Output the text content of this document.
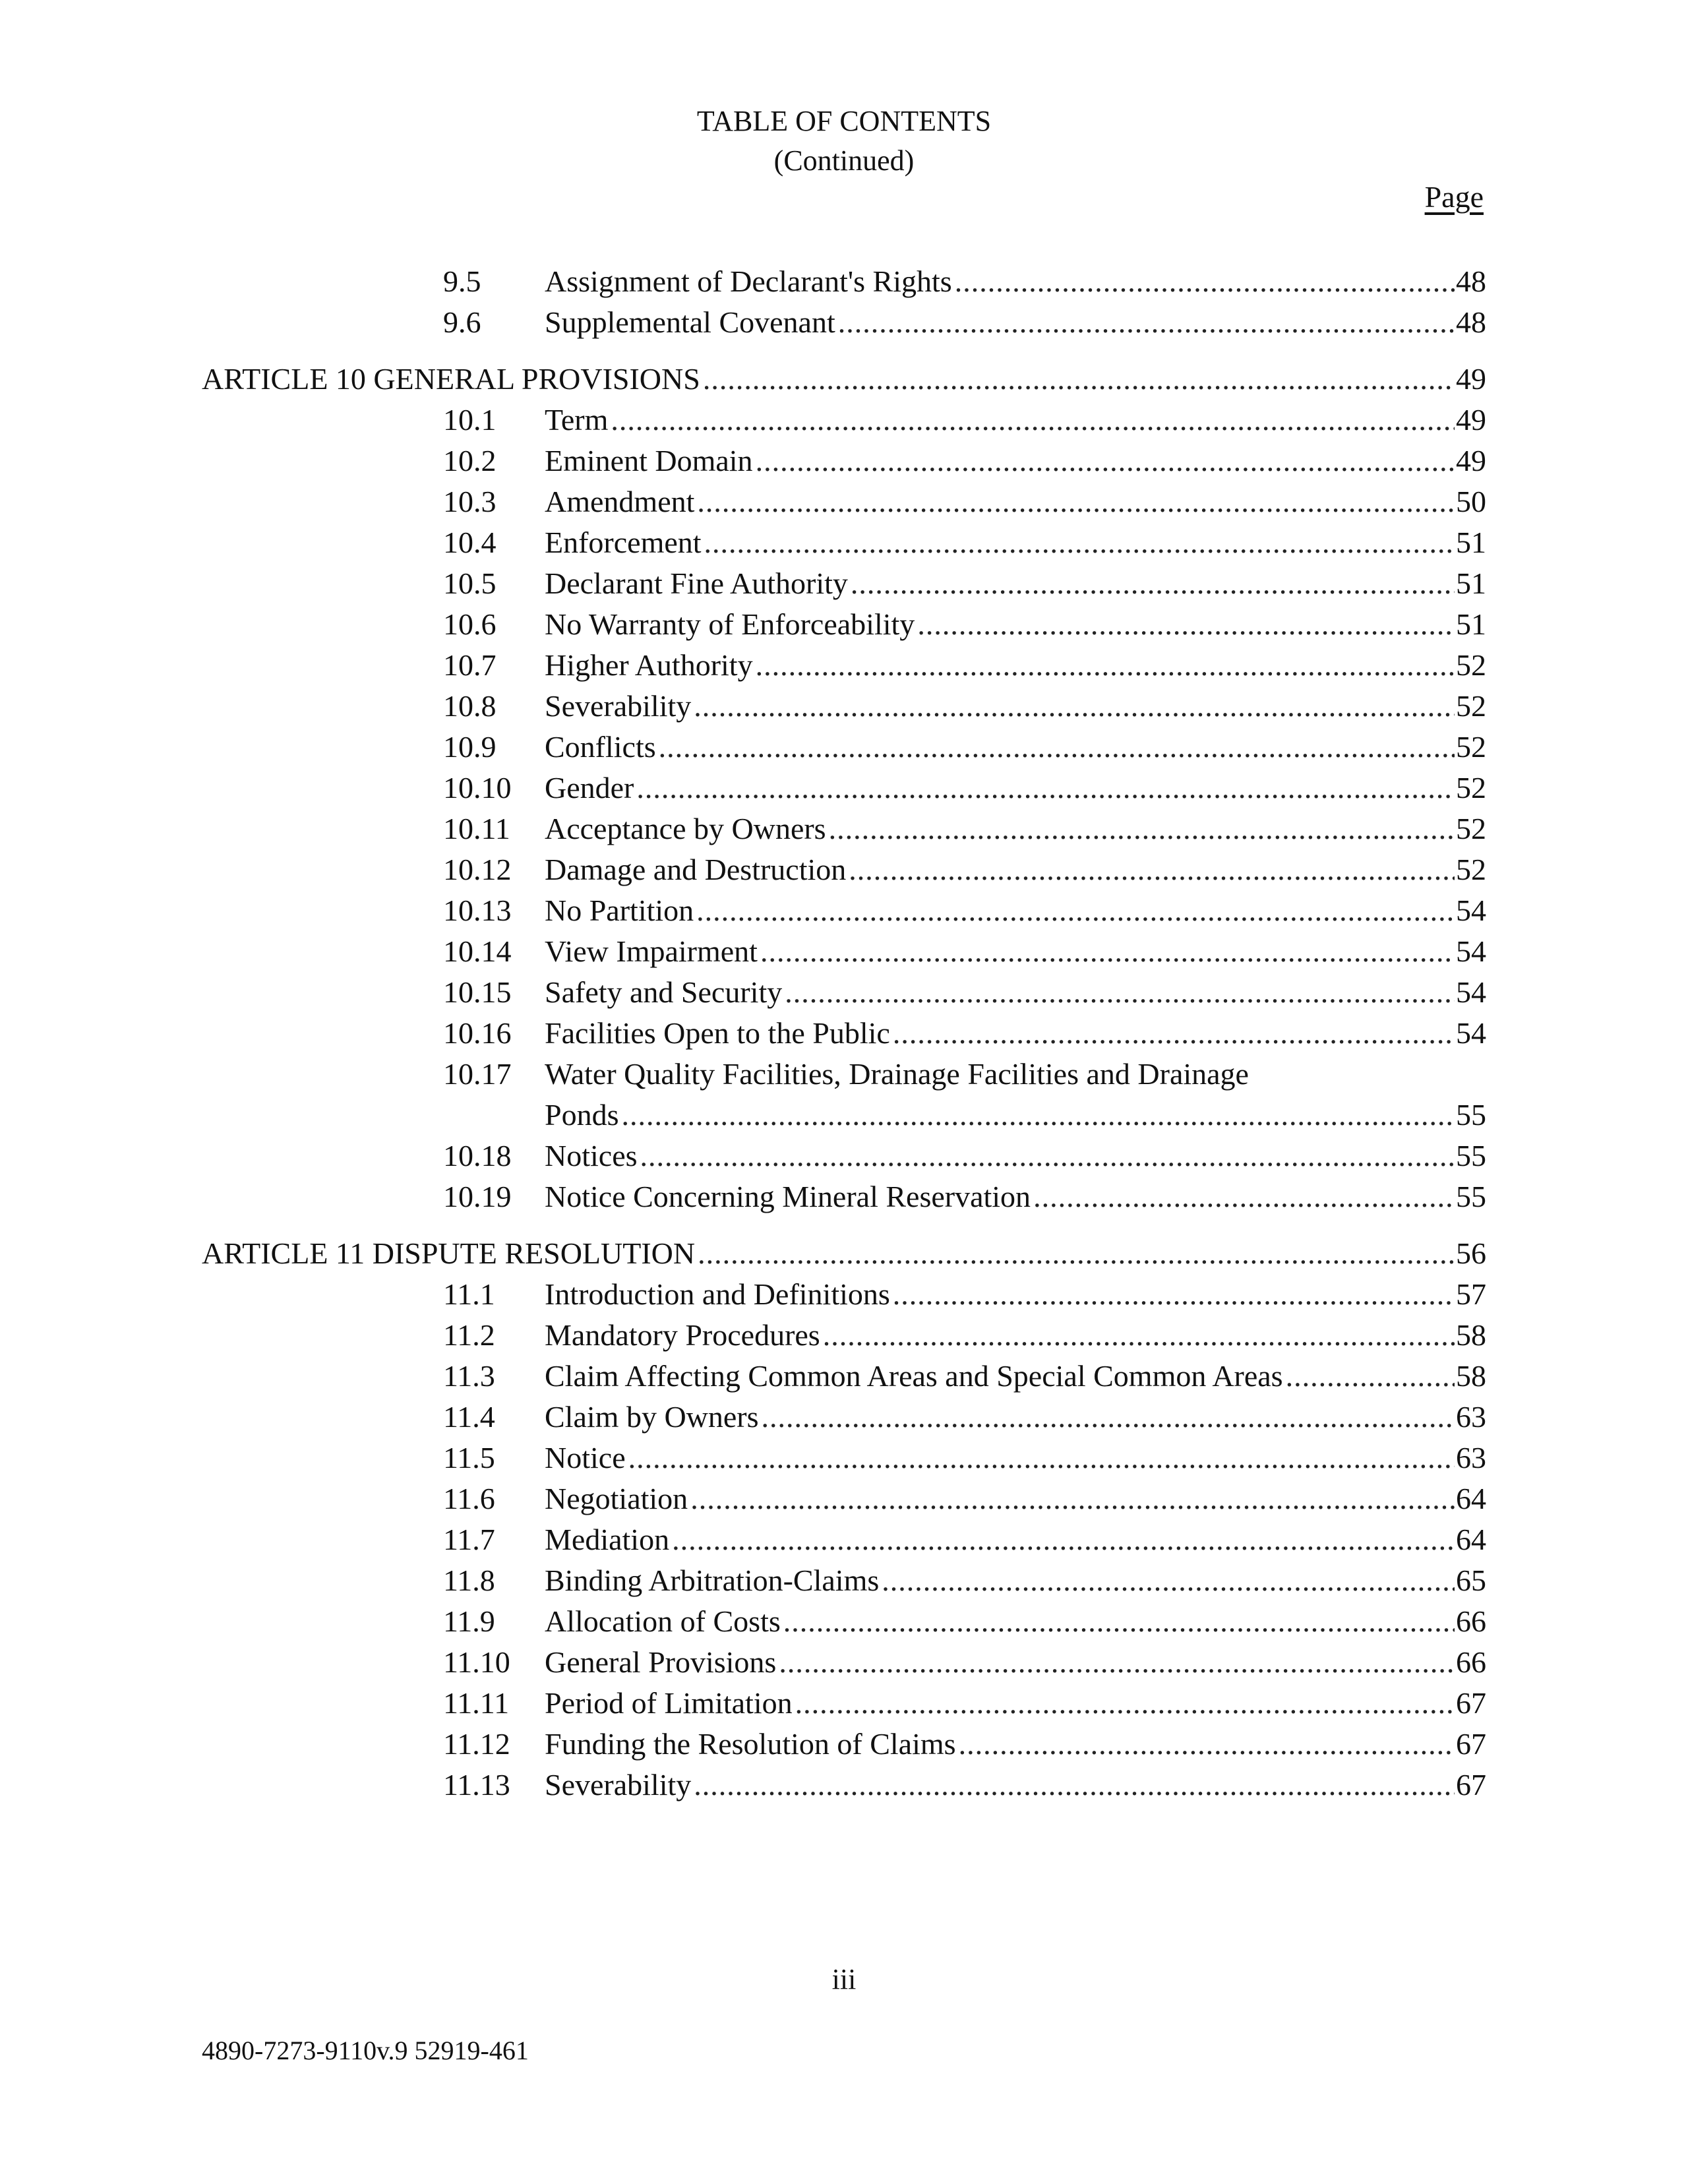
TABLE OF CONTENTS
(Continued)
Page
9.5 Assignment of Declarant's Rights .....	48
9.6 Supplemental Covenant .....	48
ARTICLE 10 GENERAL PROVISIONS .....	49
10.1 Term .....	49
10.2 Eminent Domain .....	49
10.3 Amendment .....	50
10.4 Enforcement .....	51
10.5 Declarant Fine Authority .....	51
10.6 No Warranty of Enforceability .....	51
10.7 Higher Authority .....	52
10.8 Severability .....	52
10.9 Conflicts .....	52
10.10 Gender .....	52
10.11 Acceptance by Owners .....	52
10.12 Damage and Destruction .....	52
10.13 No Partition .....	54
10.14 View Impairment .....	54
10.15 Safety and Security .....	54
10.16 Facilities Open to the Public .....	54
10.17 Water Quality Facilities, Drainage Facilities and Drainage
Ponds .....	55
10.18 Notices .....	55
10.19 Notice Concerning Mineral Reservation .....	55
ARTICLE 11 DISPUTE RESOLUTION .....	56
11.1 Introduction and Definitions .....	57
11.2 Mandatory Procedures .....	58
11.3 Claim Affecting Common Areas and Special Common Areas .....	58
11.4 Claim by Owners .....	63
11.5 Notice .....	63
11.6 Negotiation .....	64
11.7 Mediation .....	64
11.8 Binding Arbitration-Claims .....	65
11.9 Allocation of Costs .....	66
11.10 General Provisions .....	66
11.11 Period of Limitation .....	67
11.12 Funding the Resolution of Claims .....	67
11.13 Severability .....	67
iii
4890-7273-9110v.9 52919-461
